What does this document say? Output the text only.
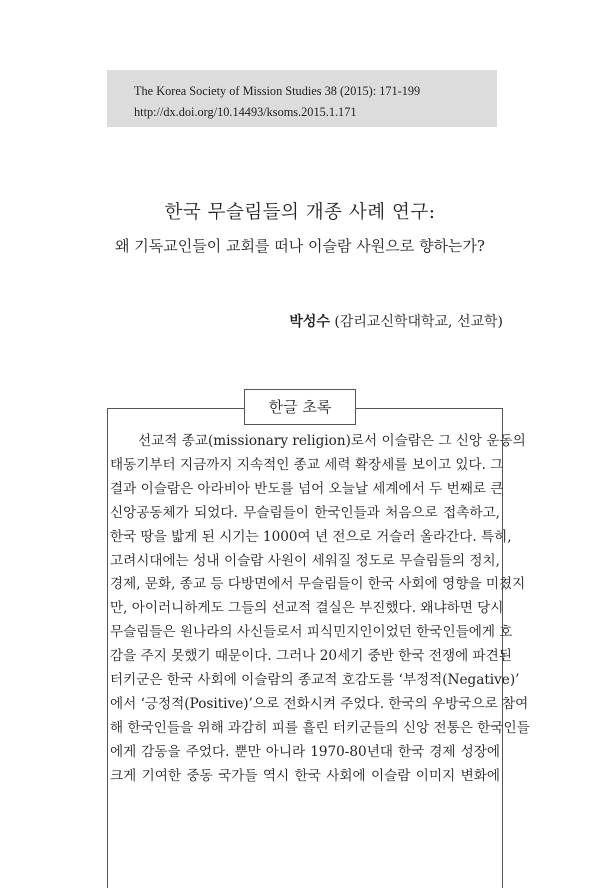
The Korea Society of Mission Studies 38 (2015): 171-199
http://dx.doi.org/10.14493/ksoms.2015.1.171
한국 무슬림들의 개종 사례 연구:
왜 기독교인들이 교회를 떠나 이슬람 사원으로 향하는가?
박성수 (감리교신학대학교, 선교학)
한글 초록
선교적 종교(missionary religion)로서 이슬람은 그 신앙 운동의
태동기부터 지금까지 지속적인 종교 세력 확장세를 보이고 있다. 그
결과 이슬람은 아라비아 반도를 넘어 오늘날 세계에서 두 번째로 큰
신앙공동체가 되었다. 무슬림들이 한국인들과 처음으로 접촉하고,
한국 땅을 밟게 된 시기는 1000여 년 전으로 거슬러 올라간다. 특히,
고려시대에는 성내 이슬람 사원이 세워질 정도로 무슬림들의 정치,
경제, 문화, 종교 등 다방면에서 무슬림들이 한국 사회에 영향을 미쳤지
만, 아이러니하게도 그들의 선교적 결실은 부진했다. 왜냐하면 당시
무슬림들은 원나라의 사신들로서 피식민지인이었던 한국인들에게 호
감을 주지 못했기 때문이다. 그러나 20세기 중반 한국 전쟁에 파견된
터키군은 한국 사회에 이슬람의 종교적 호감도를 ‘부정적(Negative)’
에서 ‘긍정적(Positive)’으로 전화시켜 주었다. 한국의 우방국으로 참여
해 한국인들을 위해 과감히 피를 흘린 터키군들의 신앙 전통은 한국인들
에게 감동을 주었다. 뿐만 아니라 1970-80년대 한국 경제 성장에
크게 기여한 중동 국가들 역시 한국 사회에 이슬람 이미지 변화에
